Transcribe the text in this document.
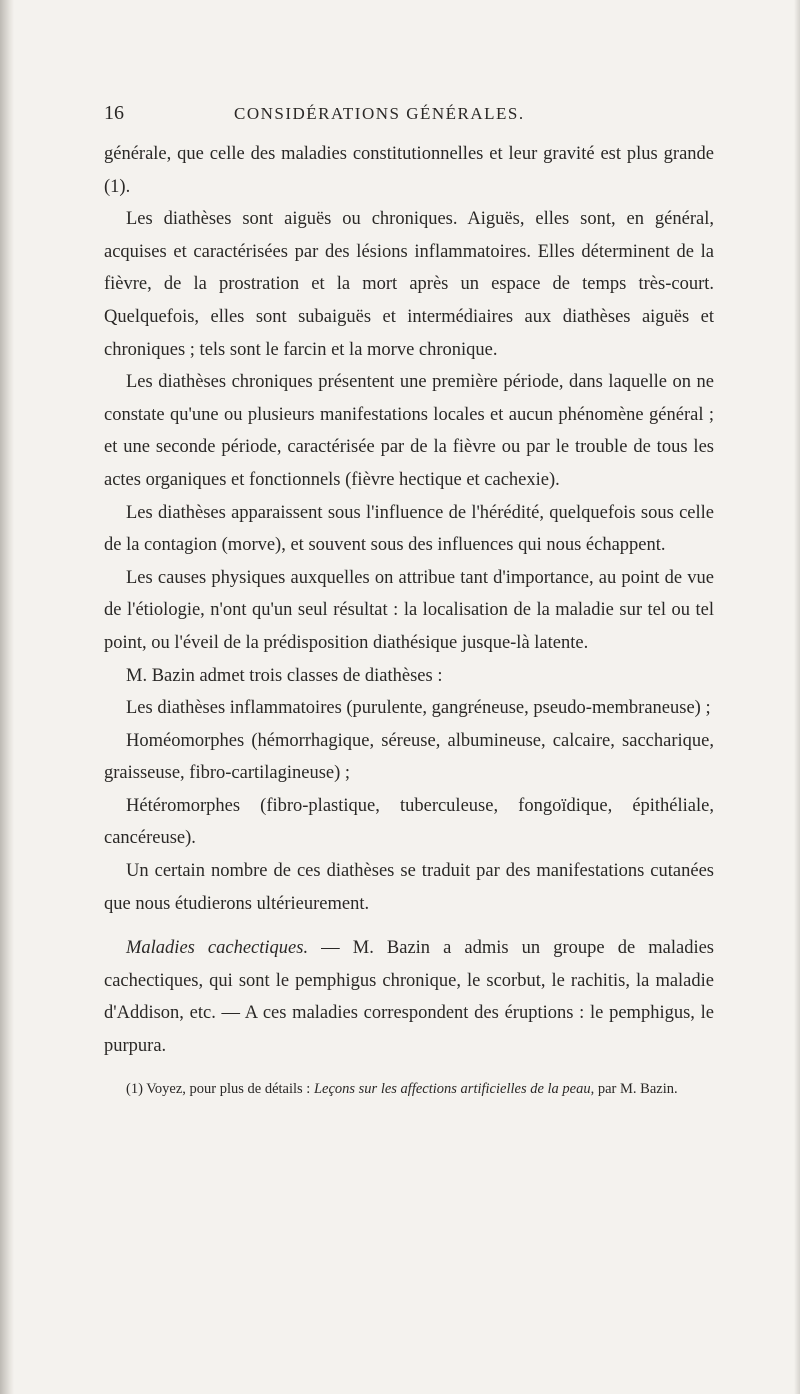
16	CONSIDÉRATIONS GÉNÉRALES.

générale, que celle des maladies constitutionnelles et leur gravité est plus grande (1).

Les diathèses sont aiguës ou chroniques. Aiguës, elles sont, en général, acquises et caractérisées par des lésions inflammatoires. Elles déterminent de la fièvre, de la prostration et la mort après un espace de temps très-court. Quelquefois, elles sont subaiguës et intermédiaires aux diathèses aiguës et chroniques ; tels sont le farcin et la morve chronique.

Les diathèses chroniques présentent une première période, dans laquelle on ne constate qu'une ou plusieurs manifestations locales et aucun phénomène général ; et une seconde période, caractérisée par de la fièvre ou par le trouble de tous les actes organiques et fonctionnels (fièvre hectique et cachexie).

Les diathèses apparaissent sous l'influence de l'hérédité, quelquefois sous celle de la contagion (morve), et souvent sous des influences qui nous échappent.

Les causes physiques auxquelles on attribue tant d'importance, au point de vue de l'étiologie, n'ont qu'un seul résultat : la localisation de la maladie sur tel ou tel point, ou l'éveil de la prédisposition diathésique jusque-là latente.

M. Bazin admet trois classes de diathèses :

Les diathèses inflammatoires (purulente, gangréneuse, pseudo-membraneuse) ;

Homéomorphes (hémorrhagique, séreuse, albumineuse, calcaire, saccharique, graisseuse, fibro-cartilagineuse) ;

Hétéromorphes (fibro-plastique, tuberculeuse, fongoïdique, épithéliale, cancéreuse).

Un certain nombre de ces diathèses se traduit par des manifestations cutanées que nous étudierons ultérieurement.

Maladies cachectiques. — M. Bazin a admis un groupe de maladies cachectiques, qui sont le pemphigus chronique, le scorbut, le rachitis, la maladie d'Addison, etc. — A ces maladies correspondent des éruptions : le pemphigus, le purpura.

(1) Voyez, pour plus de détails : Leçons sur les affections artificielles de la peau, par M. Bazin.
